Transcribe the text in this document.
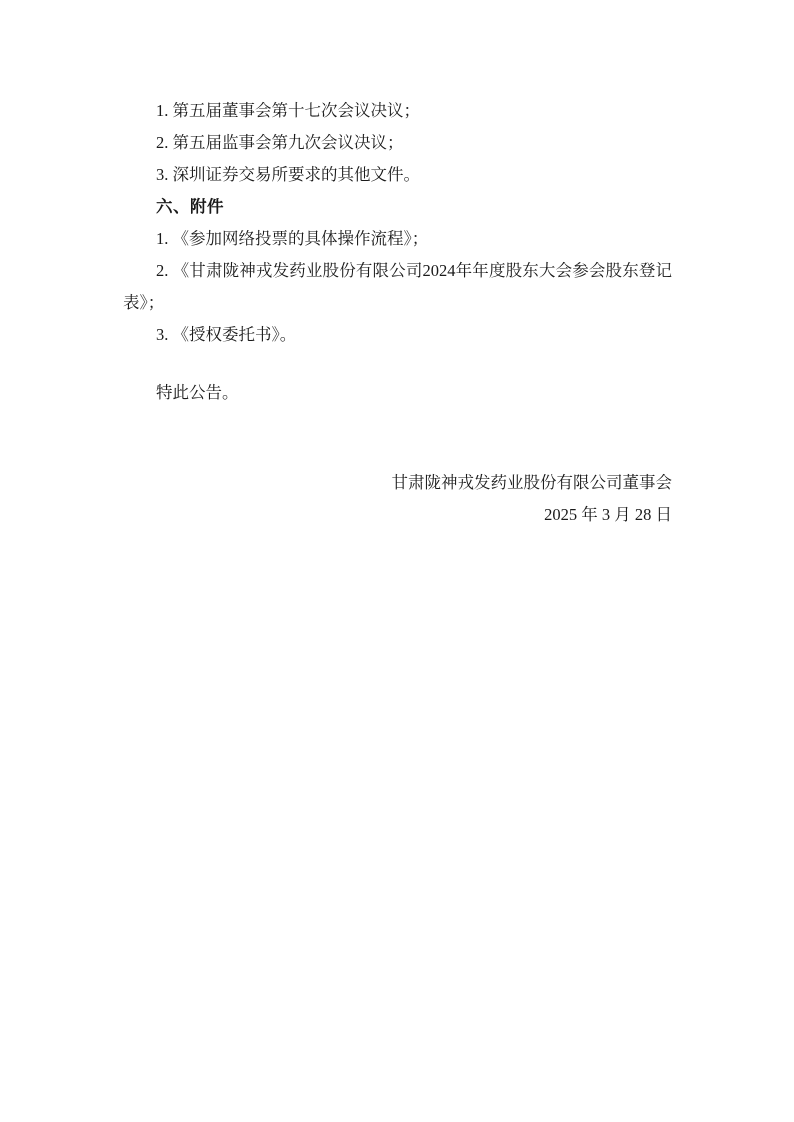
1. 第五届董事会第十七次会议决议；

2. 第五届监事会第九次会议决议；

3. 深圳证券交易所要求的其他文件。

六、附件

1. 《参加网络投票的具体操作流程》；

2. 《甘肃陇神戎发药业股份有限公司2024年年度股东大会参会股东登记表》；

3. 《授权委托书》。

特此公告。

甘肃陇神戎发药业股份有限公司董事会

2025 年 3 月 28 日
